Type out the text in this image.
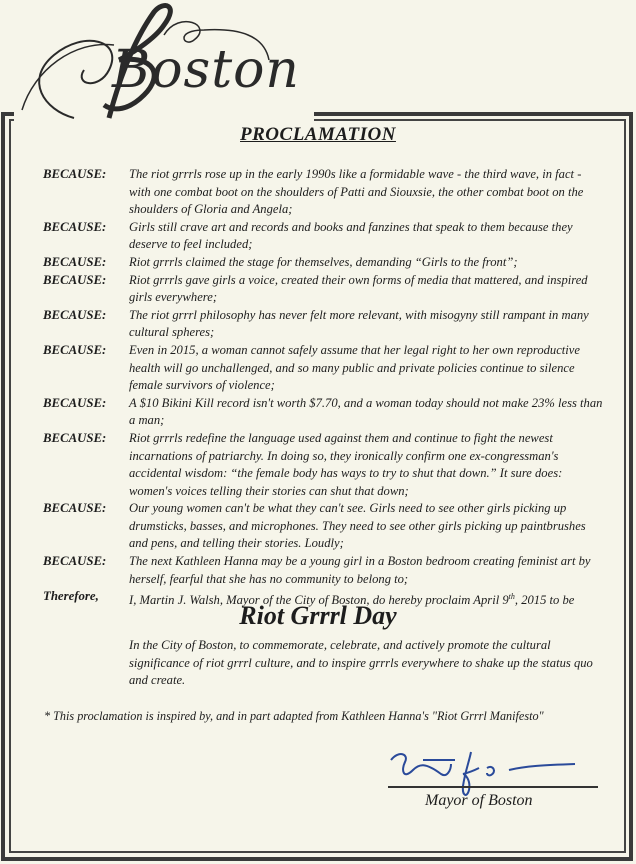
Boston
PROCLAMATION
BECAUSE:	The riot grrrls rose up in the early 1990s like a formidable wave - the third wave, in fact - with one combat boot on the shoulders of Patti and Siouxsie, the other combat boot on the shoulders of Gloria and Angela;
BECAUSE:	Girls still crave art and records and books and fanzines that speak to them because they deserve to feel included;
BECAUSE:	Riot grrrls claimed the stage for themselves, demanding “Girls to the front”;
BECAUSE:	Riot grrrls gave girls a voice, created their own forms of media that mattered, and inspired girls everywhere;
BECAUSE:	The riot grrrl philosophy has never felt more relevant, with misogyny still rampant in many cultural spheres;
BECAUSE:	Even in 2015, a woman cannot safely assume that her legal right to her own reproductive health will go unchallenged, and so many public and private policies continue to silence female survivors of violence;
BECAUSE:	A $10 Bikini Kill record isn't worth $7.70, and a woman today should not make 23% less than a man;
BECAUSE:	Riot grrrls redefine the language used against them and continue to fight the newest incarnations of patriarchy. In doing so, they ironically confirm one ex-congressman's accidental wisdom: “the female body has ways to try to shut that down.” It sure does: women's voices telling their stories can shut that down;
BECAUSE:	Our young women can't be what they can't see. Girls need to see other girls picking up drumsticks, basses, and microphones. They need to see other girls picking up paintbrushes and pens, and telling their stories. Loudly;
BECAUSE:	The next Kathleen Hanna may be a young girl in a Boston bedroom creating feminist art by herself, fearful that she has no community to belong to;
Therefore,	I, Martin J. Walsh, Mayor of the City of Boston, do hereby proclaim April 9th, 2015 to be
Riot Grrrl Day
In the City of Boston, to commemorate, celebrate, and actively promote the cultural significance of riot grrrl culture, and to inspire grrrls everywhere to shake up the status quo and create.
* This proclamation is inspired by, and in part adapted from Kathleen Hanna's "Riot Grrrl Manifesto"
Mayor of Boston
